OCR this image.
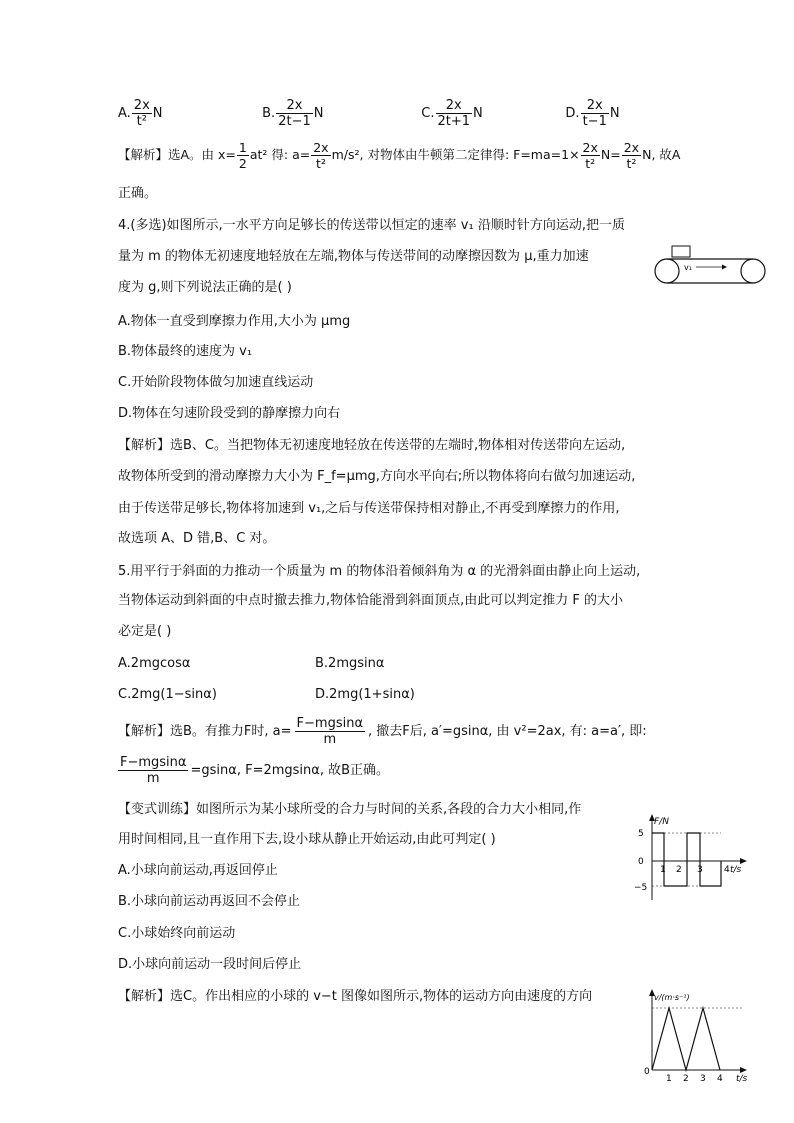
A. $\frac{2x}{\text{t²}}$ N	B. $\frac{2x}{2t-1}$ N	C. $\frac{2x}{2t+1}$ N	D. $\frac{2x}{t-1}$ N
【解析】选A。由 $x= \frac{1}{2} at^2$ 得: $a= \frac{2x}{\text{t²}} m/s^2$, 对物体由牛顿第二定律得: $F=ma=1\times \frac{2x}{\text{t²}} N= \frac{2x}{\text{t²}} N$, 故A
正确。
4.(多选)如图所示,一水平方向足够长的传送带以恒定的速率 v₁ 沿顺时针方向运动,把一质
量为 m 的物体无初速度地轻放在左端,物体与传送带间的动摩擦因数为 μ,重力加速
度为 g,则下列说法正确的是( )
v₁
A.物体一直受到摩擦力作用,大小为 μmg
B.物体最终的速度为 v₁
C.开始阶段物体做匀加速直线运动
D.物体在匀速阶段受到的静摩擦力向右
【解析】选B、C。当把物体无初速度地轻放在传送带的左端时,物体相对传送带向左运动,
故物体所受到的滑动摩擦力大小为 F_f=μmg,方向水平向右;所以物体将向右做匀加速运动,
由于传送带足够长,物体将加速到 v₁,之后与传送带保持相对静止,不再受到摩擦力的作用,
故选项 A、D 错,B、C 对。
5.用平行于斜面的力推动一个质量为 m 的物体沿着倾斜角为 α 的光滑斜面由静止向上运动,
当物体运动到斜面的中点时撤去推力,物体恰能滑到斜面顶点,由此可以判定推力 F 的大小
必定是( )
A.2mgcosα	B.2mgsinα
C.2mg(1−sinα)	D.2mg(1+sinα)
【解析】选B。有推力F时, $a= \frac{F-mgsin\alpha}{m}$ , 撤去F后, a′=gsinα, 由 v²=2ax, 有: a=a′, 即:
$\frac{F-mgsin\alpha}{m} =gsin\alpha$, F=2mgsinα, 故B正确。
【变式训练】如图所示为某小球所受的合力与时间的关系,各段的合力大小相同,作
用时间相同,且一直作用下去,设小球从静止开始运动,由此可判定( )
A.小球向前运动,再返回停止
B.小球向前运动再返回不会停止
C.小球始终向前运动
D.小球向前运动一段时间后停止
【解析】选C。作出相应的小球的 v−t 图像如图所示,物体的运动方向由速度的方向
F/N
t/s
5
0
−5
1 2 3 4
v/(m·s⁻¹)
0
1 2 3 4 t/s
